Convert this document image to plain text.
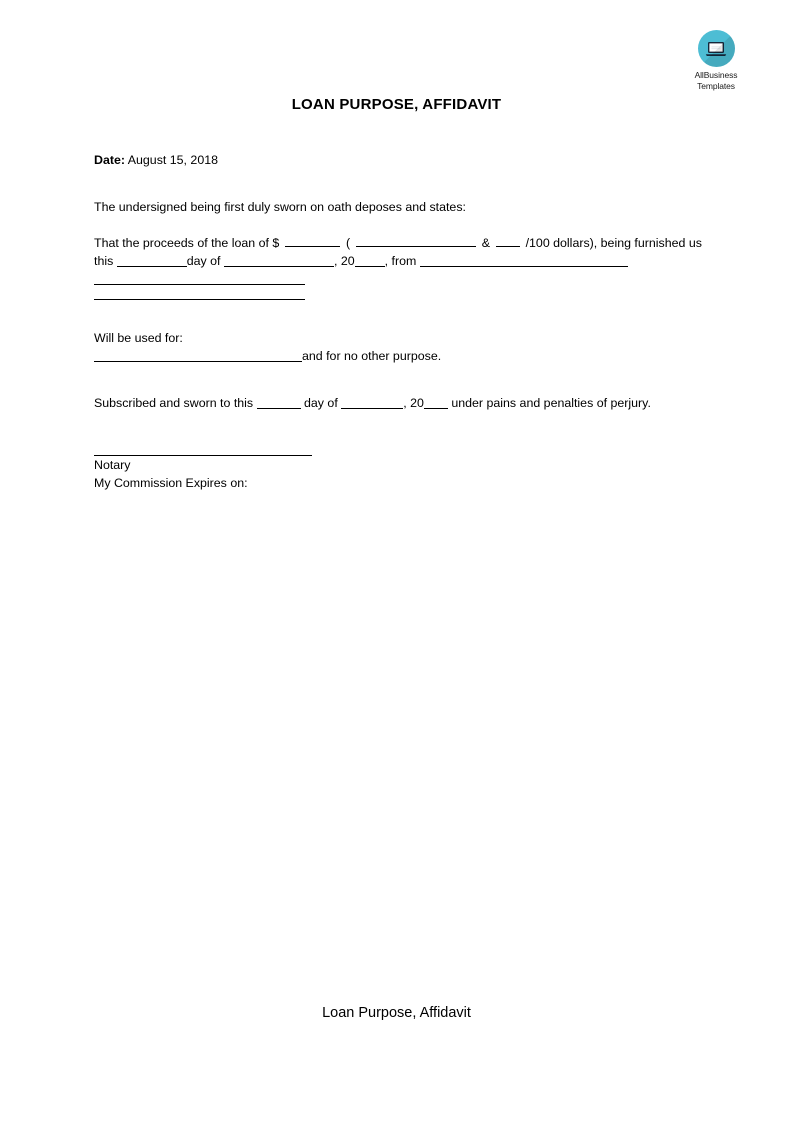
AllBusiness
Templates
LOAN PURPOSE, AFFIDAVIT

Date: August 15, 2018

The undersigned being first duly sworn on oath deposes and states:

That the proceeds of the loan of $	(	&	/100 dollars), being furnished us
this	day of	, 20 , from

Will be used for:

and for no other purpose.

Subscribed and sworn to this	day of	, 20 under pains and penalties of perjury.

Notary

My Commission Expires on:

Loan Purpose, Affidavit
